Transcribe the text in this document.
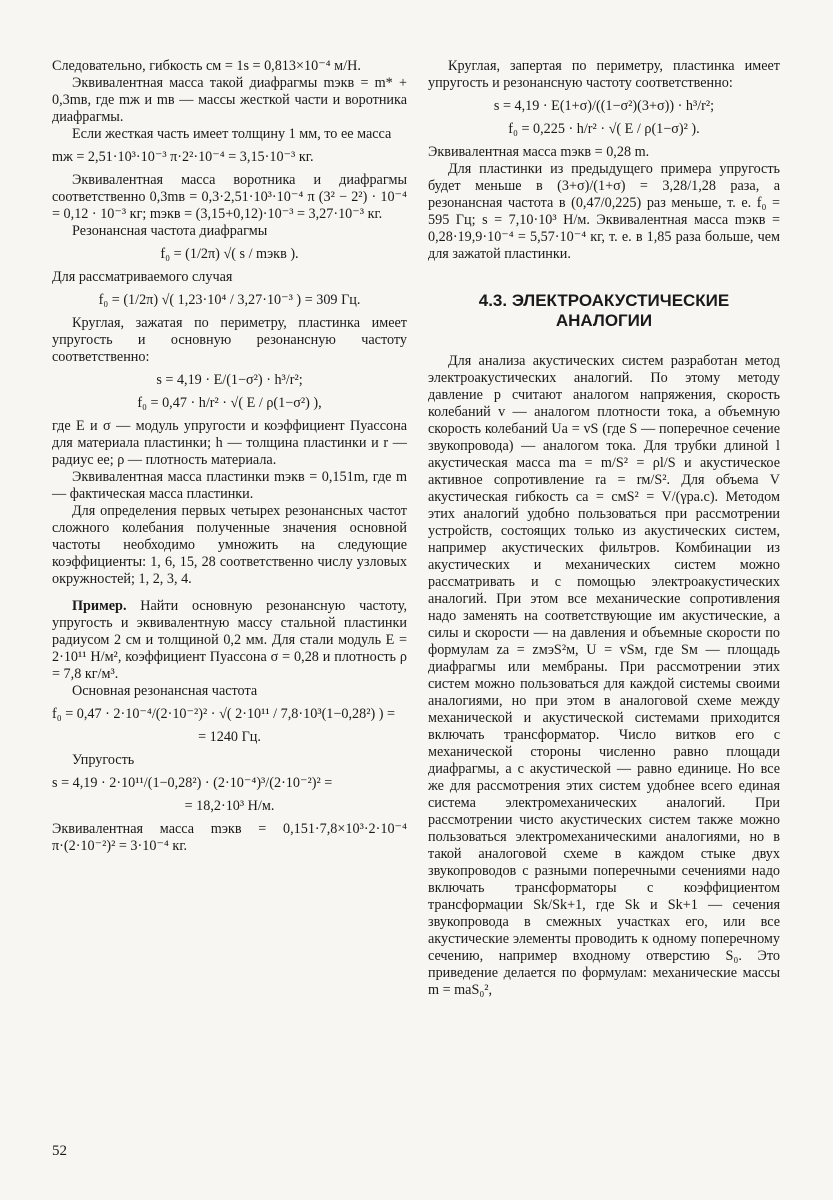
Следовательно, гибкость cм = 1s = 0,813×10⁻⁴ м/Н.

Эквивалентная масса такой диафрагмы mэкв = m* + 0,3mв, где mж и mв — массы жесткой части и воротника диафрагмы.

Если жесткая часть имеет толщину 1 мм, то ее масса

mж = 2,51·10³·10⁻³ π·2²·10⁻⁴ = 3,15·10⁻³ кг.

Эквивалентная масса воротника и диафрагмы соответственно 0,3mв = 0,3·2,51·10³·10⁻⁴ π (3² − 2²) · 10⁻⁴ = 0,12 · 10⁻³ кг; mэкв = (3,15+0,12)·10⁻³ = 3,27·10⁻³ кг.

Резонансная частота диафрагмы

f₀ = (1/2π) √( s / mэкв ).

Для рассматриваемого случая

f₀ = (1/2π) √( 1,23·10⁴ / 3,27·10⁻³ ) = 309 Гц.

Круглая, зажатая по периметру, пластинка имеет упругость и основную резонансную частоту соответственно:

s = 4,19 · E/(1−σ²) · h³/r²;
f₀ = 0,47 · h/r² · √( E / ρ(1−σ²) ),

где E и σ — модуль упругости и коэффициент Пуассона для материала пластинки; h — толщина пластинки и r — радиус ее; ρ — плотность материала.

Эквивалентная масса пластинки mэкв = 0,151m, где m — фактическая масса пластинки.

Для определения первых четырех резонансных частот сложного колебания полученные значения основной частоты необходимо умножить на следующие коэффициенты: 1, 6, 15, 28 соответственно числу узловых окружностей; 1, 2, 3, 4.

Пример. Найти основную резонансную частоту, упругость и эквивалентную массу стальной пластинки радиусом 2 см и толщиной 0,2 мм. Для стали модуль E = 2·10¹¹ Н/м², коэффициент Пуассона σ = 0,28 и плотность ρ = 7,8 кг/м³.

Основная резонансная частота

f₀ = 0,47 · 2·10⁻⁴/(2·10⁻²)² · √( 2·10¹¹ / 7,8·10³(1−0,28²) ) =
= 1240 Гц.

Упругость

s = 4,19 · 2·10¹¹/(1−0,28²) · (2·10⁻⁴)³/(2·10⁻²)² =
= 18,2·10³ Н/м.

Эквивалентная масса mэкв = 0,151·7,8×10³·2·10⁻⁴ π·(2·10⁻²)² = 3·10⁻⁴ кг.

Круглая, запертая по периметру, пластинка имеет упругость и резонансную частоту соответственно:

s = 4,19 · E(1+σ)/((1−σ²)(3+σ)) · h³/r²;
f₀ = 0,225 · h/r² · √( E / ρ(1−σ)² ).

Эквивалентная масса mэкв = 0,28 m.

Для пластинки из предыдущего примера упругость будет меньше в (3+σ)/(1+σ) = 3,28/1,28 раза, а резонансная частота в (0,47/0,225) раз меньше, т. е. f₀ = 595 Гц; s = 7,10·10³ Н/м. Эквивалентная масса mэкв = 0,28·19,9·10⁻⁴ = 5,57·10⁻⁴ кг, т. е. в 1,85 раза больше, чем для зажатой пластинки.

4.3. ЭЛЕКТРОАКУСТИЧЕСКИЕ
АНАЛОГИИ

Для анализа акустических систем разработан метод электроакустических аналогий. По этому методу давление p считают аналогом напряжения, скорость колебаний v — аналогом плотности тока, а объемную скорость колебаний Uа = vS (где S — поперечное сечение звукопровода) — аналогом тока. Для трубки длиной l акустическая масса mа = m/S² = ρl/S и акустическое активное сопротивление rа = rм/S². Для объема V акустическая гибкость cа = cмS² = V/(γpа.с). Методом этих аналогий удобно пользоваться при рассмотрении устройств, состоящих только из акустических систем, например акустических фильтров. Комбинации из акустических и механических систем можно рассматривать и с помощью электроакустических аналогий. При этом все механические сопротивления надо заменять на соответствующие им акустические, а силы и скорости — на давления и объемные скорости по формулам zа = zмэS²м, U = vSм, где Sм — площадь диафрагмы или мембраны. При рассмотрении этих систем можно пользоваться для каждой системы своими аналогиями, но при этом в аналоговой схеме между механической и акустической системами приходится включать трансформатор. Число витков его с механической стороны численно равно площади диафрагмы, а с акустической — равно единице. Но все же для рассмотрения этих систем удобнее всего единая система электромеханических аналогий. При рассмотрении чисто акустических систем также можно пользоваться электромеханическими аналогиями, но в такой аналоговой схеме в каждом стыке двух звукопроводов с разными поперечными сечениями надо включать трансформаторы с коэффициентом трансформации Sk/Sk+1, где Sk и Sk+1 — сечения звукопровода в смежных участках его, или все акустические элементы проводить к одному поперечному сечению, например входному отверстию S₀. Это приведение делается по формулам: механические массы m = mаS₀²,

52
